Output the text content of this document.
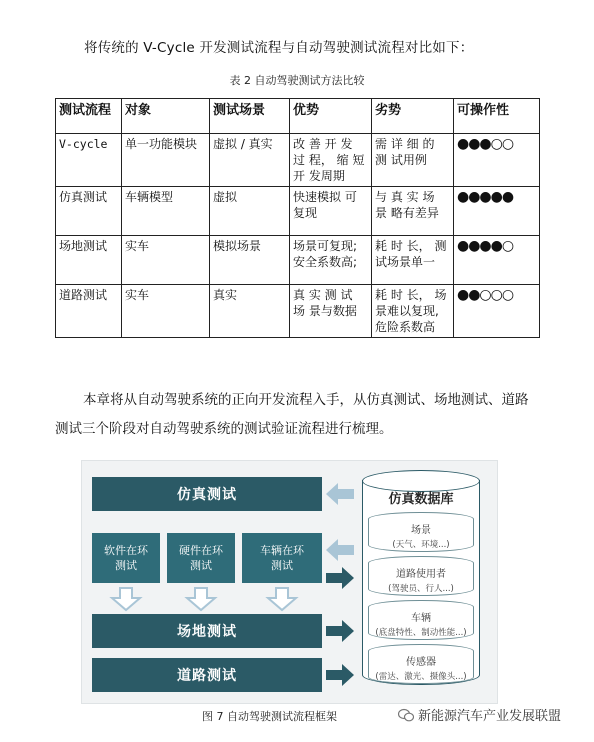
将传统的 V-Cycle 开发测试流程与自动驾驶测试流程对比如下：
表 2 自动驾驶测试方法比较
测试流程	对象	测试场景	优势	劣势	可操作性
V-cycle	单一功能模块	虚拟 / 真实	改 善 开 发 过 程， 缩 短 开 发周期	需 详 细 的 测 试用例	●●●○○
仿真测试	车辆模型	虚拟	快速模拟 可复现	与 真 实 场 景 略有差异	●●●●●
场地测试	实车	模拟场景	场景可复现; 安全系数高;	耗 时 长， 测 试场景单一	●●●●○
道路测试	实车	真实	真 实 测 试 场 景与数据	耗 时 长， 场 景难以复现, 危险系数高	●●○○○
本章将从自动驾驶系统的正向开发流程入手，从仿真测试、场地测试、道路测试三个阶段对自动驾驶系统的测试验证流程进行梳理。
仿真测试
软件在环 测试
硬件在环 测试
车辆在环 测试
场地测试
道路测试
仿真数据库
场景
(天气、环境...)
道路使用者
(驾驶员、行人...)
车辆
(底盘特性、制动性能...)
传感器
(雷达、激光、摄像头...)
图 7 自动驾驶测试流程框架	新能源汽车产业发展联盟
